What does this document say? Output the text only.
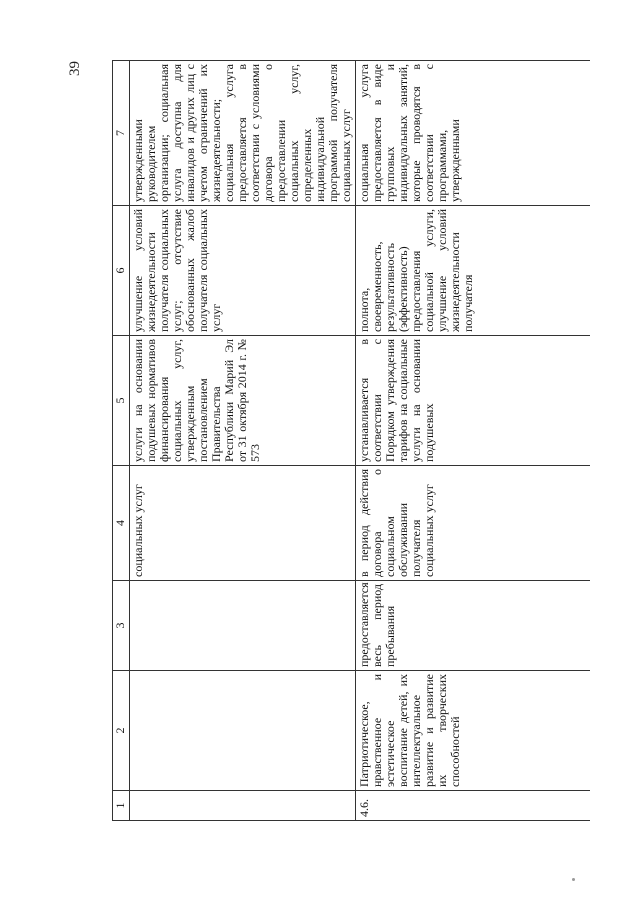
39
1	2	3	4	5	6	7
			социальных услуг	услуги на основании подушевых нормативов финансирования социальных услуг, утвержденным постановлением Правительства Республики Марий Эл от 31 октября 2014 г. № 573	улучшение условий жизнедеятельности получателя социальных услуг; отсутствие обоснованных жалоб получателя социальных услуг	утвержденными руководителем организации; социальная услуга доступна для инвалидов и других лиц с учетом ограничений их жизнедеятельности; социальная услуга предоставляется в соответствии с условиями договора о предоставлении социальных услуг, определенных индивидуальной программой получателя социальных услуг
4.6.	Патриотическое, нравственное и эстетическое воспитание детей, их интеллектуальное развитие и развитие их творческих способностей	предоставляется весь период пребывания	в период действия договора о социальном обслуживании получателя социальных услуг	устанавливается в соответствии с Порядком утверждения тарифов на социальные услуги на основании подушевых	полнота, своевременность, результативность (эффективность) предоставления социальной услуги, улучшение условий жизнедеятельности получателя	социальная услуга предоставляется в виде групповых и индивидуальных занятий, которые проводятся в соответствии с программами, утвержденными
